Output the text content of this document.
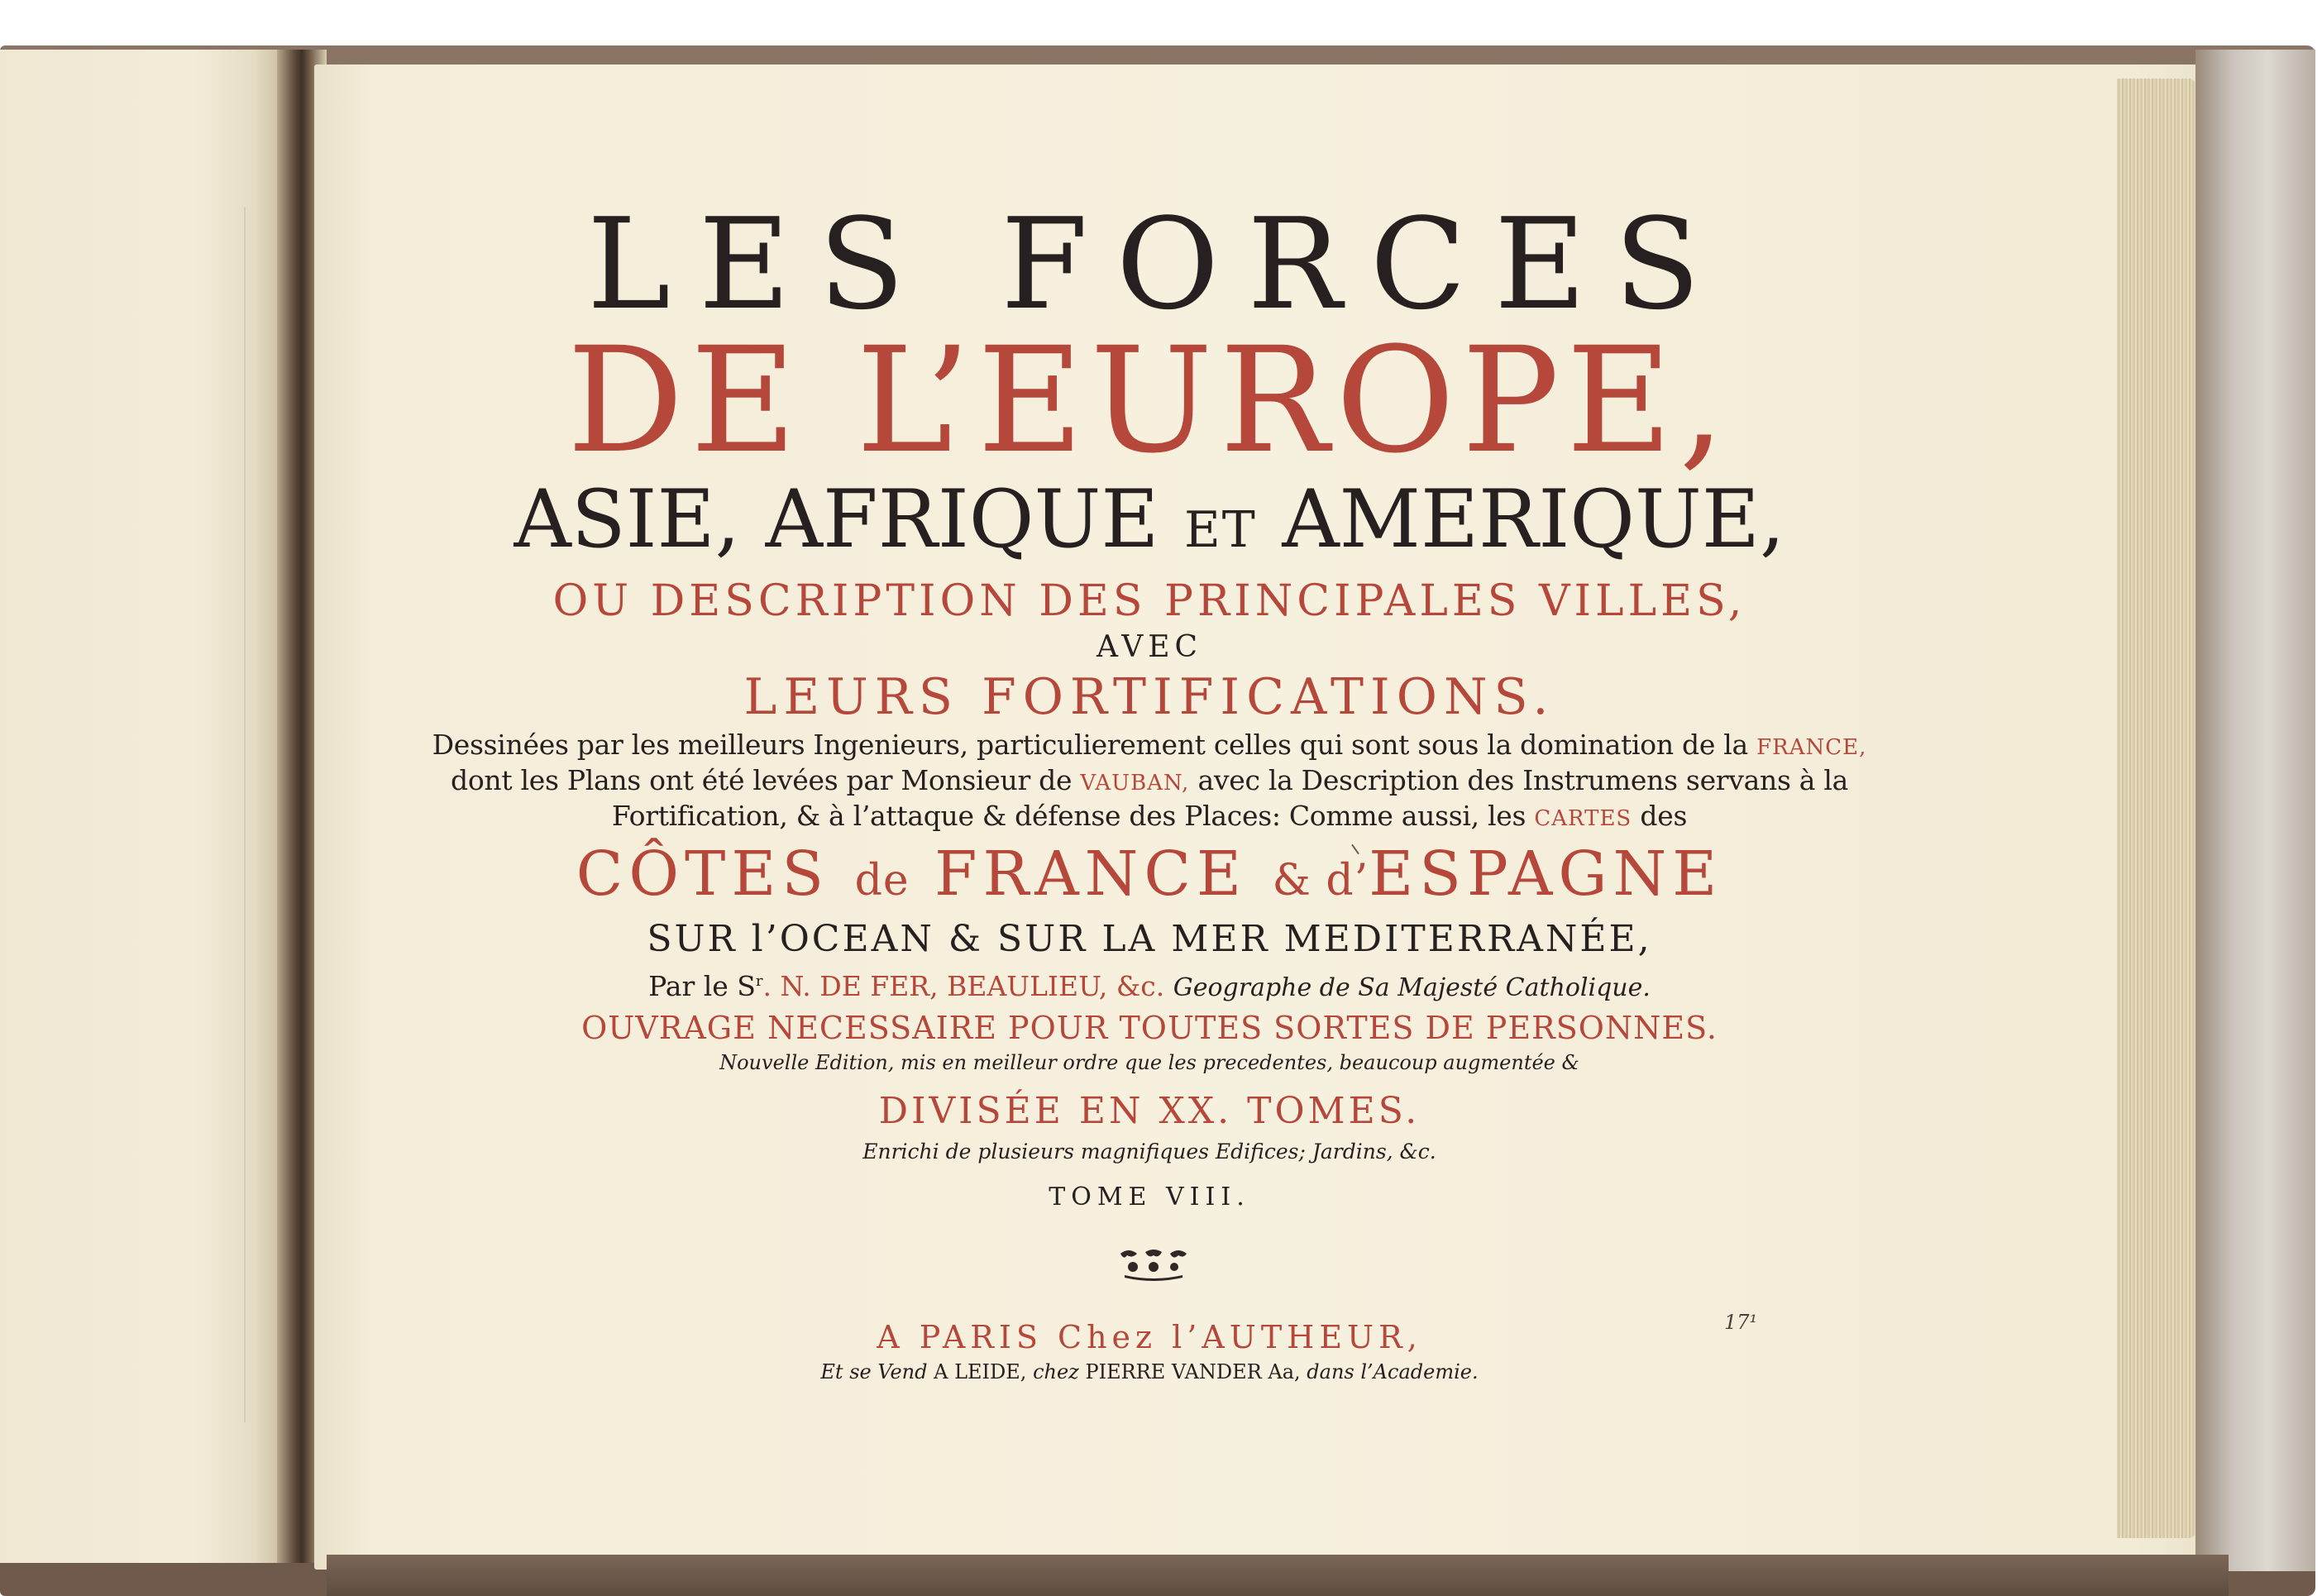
LES FORCES
DE L’EUROPE,
ASIE, AFRIQUE ET AMERIQUE,
OU DESCRIPTION DES PRINCIPALES VILLES,
AVEC
LEURS FORTIFICATIONS.
Dessinées par les meilleurs Ingenieurs, particulierement celles qui sont sous la domination de la FRANCE,
dont les Plans ont été levées par Monsieur de VAUBAN, avec la Description des Instrumens servans à la
Fortification, & à l’attaque & défense des Places: Comme aussi, les CARTES des
CÔTES de FRANCE & d’ESPAGNE
SUR l’OCEAN & SUR LA MER MEDITERRANÉE,
Par le $S^r$. N. DE FER, BEAULIEU, &c. Geographe de Sa Majesté Catholique.
OUVRAGE NECESSAIRE POUR TOUTES SORTES DE PERSONNES.
Nouvelle Edition, mis en meilleur ordre que les precedentes, beaucoup augmentée &
DIVISÉE EN XX. TOMES.
Enrichi de plusieurs magnifiques Edifices; Jardins, &c.
TOME VIII.
A PARIS Chez l’AUTHEUR,
Et se Vend A LEIDE, chez PIERRE VANDER Aa, dans l’Academie.
17¹
